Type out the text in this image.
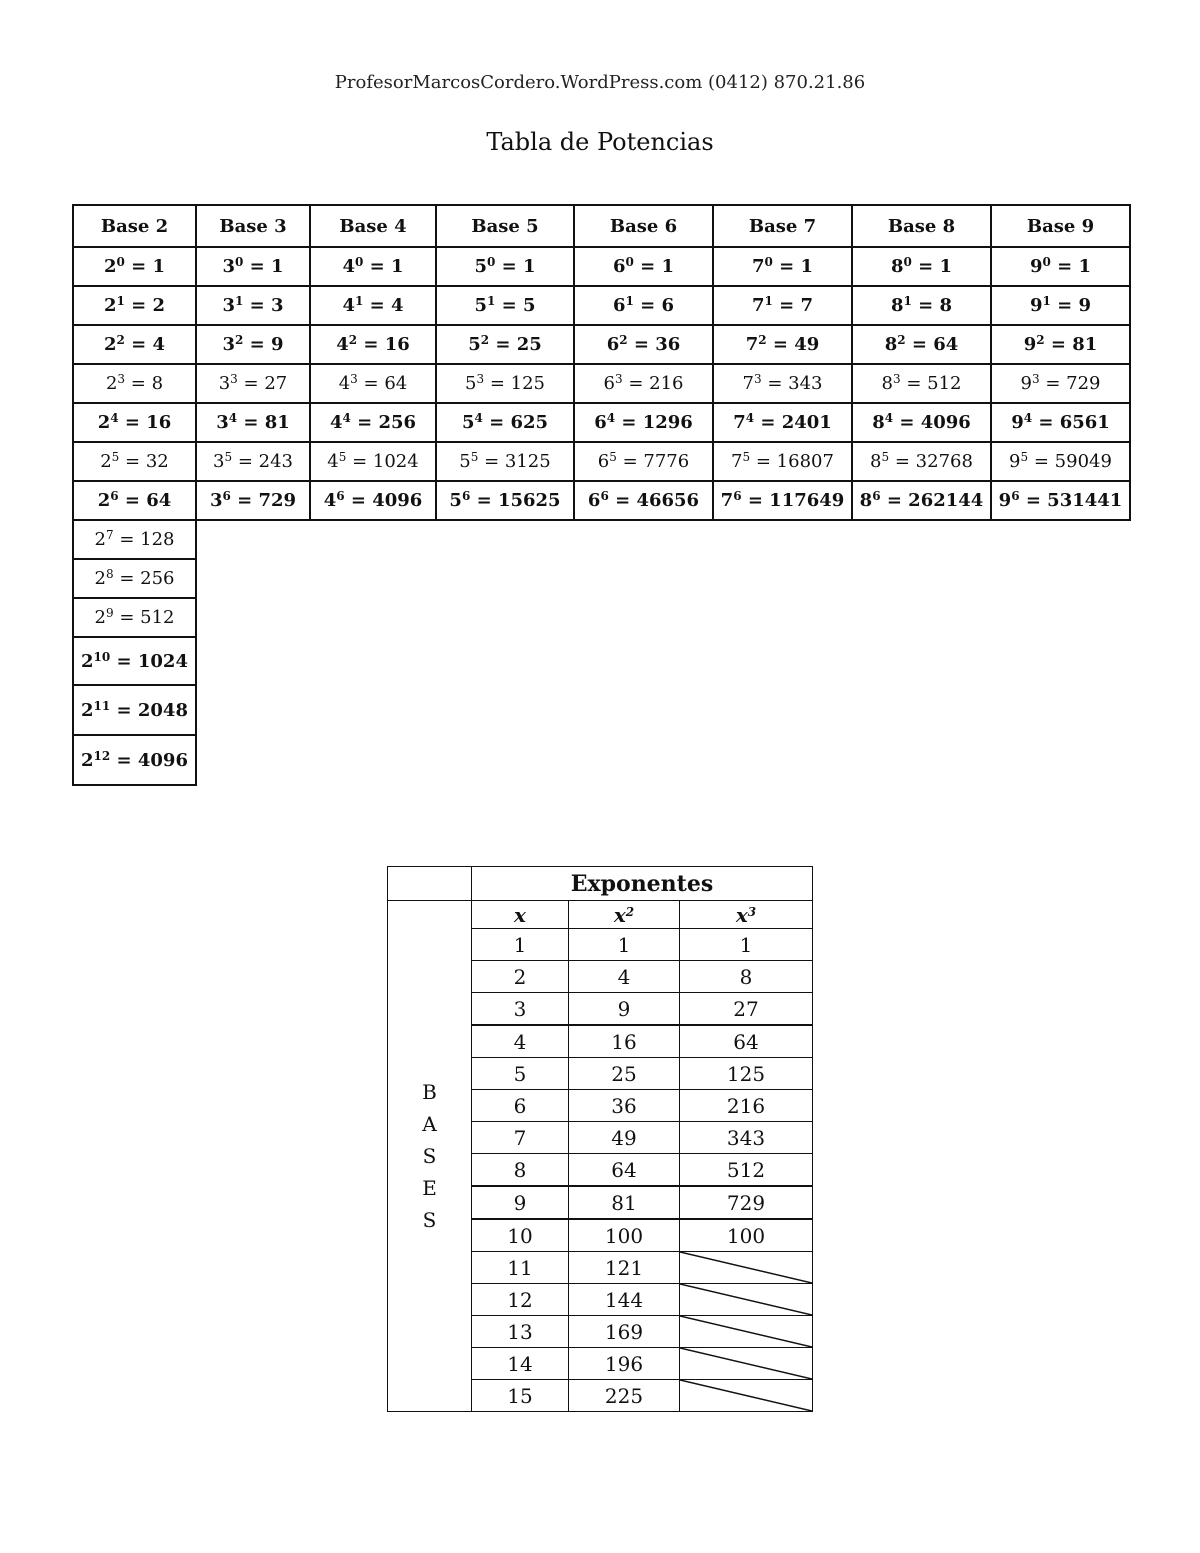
ProfesorMarcosCordero.WordPress.com (0412) 870.21.86
Tabla de Potencias
Base 2	Base 3	Base 4	Base 5	Base 6	Base 7	Base 8	Base 9
$2^0 = 1$	$3^0 = 1$	$4^0 = 1$	$5^0 = 1$	$6^0 = 1$	$7^0 = 1$	$8^0 = 1$	$9^0 = 1$
$2^1 = 2$	$3^1 = 3$	$4^1 = 4$	$5^1 = 5$	$6^1 = 6$	$7^1 = 7$	$8^1 = 8$	$9^1 = 9$
$2^2 = 4$	$3^2 = 9$	$4^2 = 16$	$5^2 = 25$	$6^2 = 36$	$7^2 = 49$	$8^2 = 64$	$9^2 = 81$
$2^3 = 8$	$3^3 = 27$	$4^3 = 64$	$5^3 = 125$	$6^3 = 216$	$7^3 = 343$	$8^3 = 512$	$9^3 = 729$
$2^4 = 16$	$3^4 = 81$	$4^4 = 256$	$5^4 = 625$	$6^4 = 1296$	$7^4 = 2401$	$8^4 = 4096$	$9^4 = 6561$
$2^5 = 32$	$3^5 = 243$	$4^5 = 1024$	$5^5 = 3125$	$6^5 = 7776$	$7^5 = 16807$	$8^5 = 32768$	$9^5 = 59049$
$2^6 = 64$	$3^6 = 729$	$4^6 = 4096$	$5^6 = 15625$	$6^6 = 46656$	$7^6 = 117649$	$8^6 = 262144$	$9^6 = 531441$
$2^7 = 128$							
$2^8 = 256$							
$2^9 = 512$							
$2^{10} = 1024$							
$2^{11} = 2048$							
$2^{12} = 4096$							
	Exponentes		

B
A
S
E
S	x	$x^2$	$x^3$
	1	1	1
	2	4	8
	3	9	27
	4	16	64
	5	25	125
	6	36	216
	7	49	343
	8	64	512
	9	81	729
	10	100	100
	11	121	

	12	144	

	13	169	

	14	196	

	15	225	
